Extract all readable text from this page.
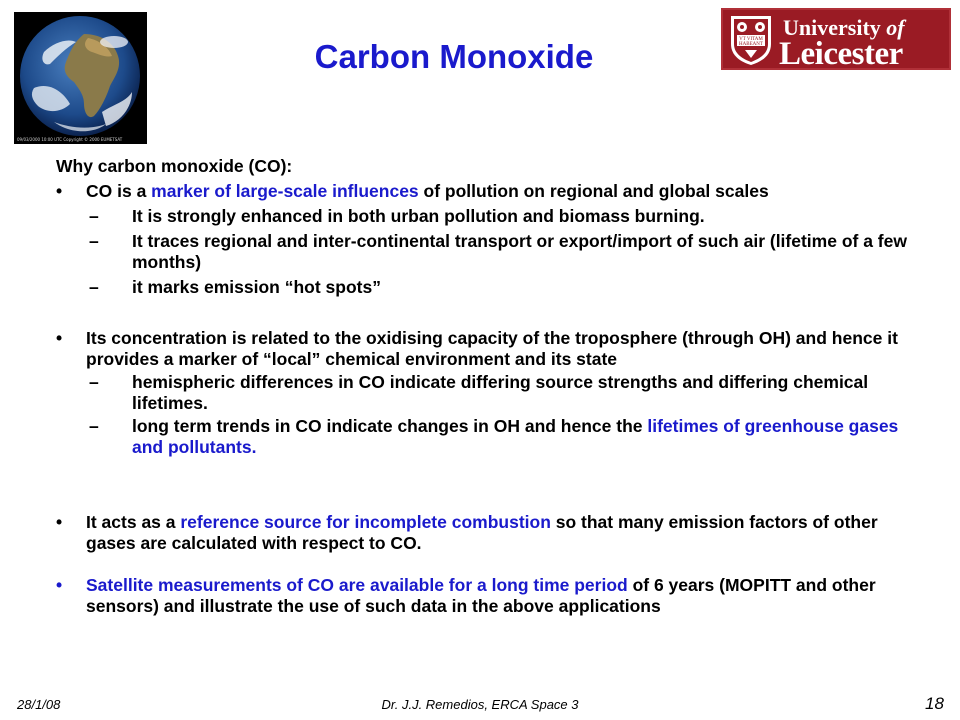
09/03/2000 10:00 UTC Copyright © 2000 EUMETSAT
Carbon Monoxide	VT VITAM
HABEANT
University of
Leicester
Why carbon monoxide (CO):
• CO is a marker of large-scale influences of pollution on regional and global scales
– It is strongly enhanced in both urban pollution and biomass burning.
– It traces regional and inter-continental transport or export/import of such air (lifetime of a few months)
– it marks emission “hot spots”
• Its concentration is related to the oxidising capacity of the troposphere (through OH) and hence it provides a marker of “local” chemical environment and its state
– hemispheric differences in CO indicate differing source strengths and differing chemical lifetimes.
– long term trends in CO indicate changes in OH and hence the lifetimes of greenhouse gases and pollutants.
• It acts as a reference source for incomplete combustion so that many emission factors of other gases are calculated with respect to CO.
• Satellite measurements of CO are available for a long time period of 6 years (MOPITT and other sensors) and illustrate the use of such data in the above applications
28/1/08	Dr. J.J. Remedios, ERCA Space 3	18
